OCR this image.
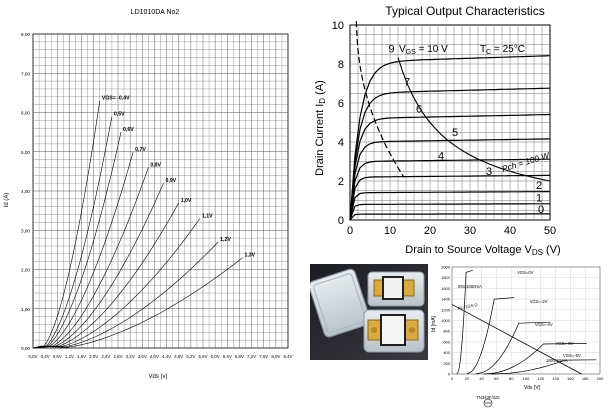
LD1010DA No2
VGS= -0,4V
0,5V
0,6V
0,7V
0,8V
0,9V
1,0V
1,1V
1,2V
1,3V
0,0V 0,4V 0,8V 1,2V 1,6V 2,0V 2,4V 2,8V 3,2V 3,6V 4,0V 4,4V 4,8V 5,2V 5,6V 6,0V 6,4V 6,8V 7,2V 7,6V 8,0V 8,4V
0,00
1,00
2,00
3,00
4,00
5,00
6,00
7,00
8,00
Id (A)
Vds (v)
Typical Output Characteristics
0
1
2
3
4
5
6
7
9
0	10	20	30	40	50
0
2
4
6
8
10
Drain Current ID (A)
Drain to Source Voltage VDS (V)
$V_{GS} = 10$ V	$T_C = 25^\circ C$
Pch = 100 W
VGS=0V
VGS=-2V
VGS=-4V
VGS=-6V
VGS=-8V
0	20	40	60	80 100 120 140 160 180 200
0
200
400
600
800
1000
1200
1400
1600
1800
2000
Id [mA]
Vds [V]
25V,1050mA
RL=13.6 Ω
TN343F/323
160V,50mA
